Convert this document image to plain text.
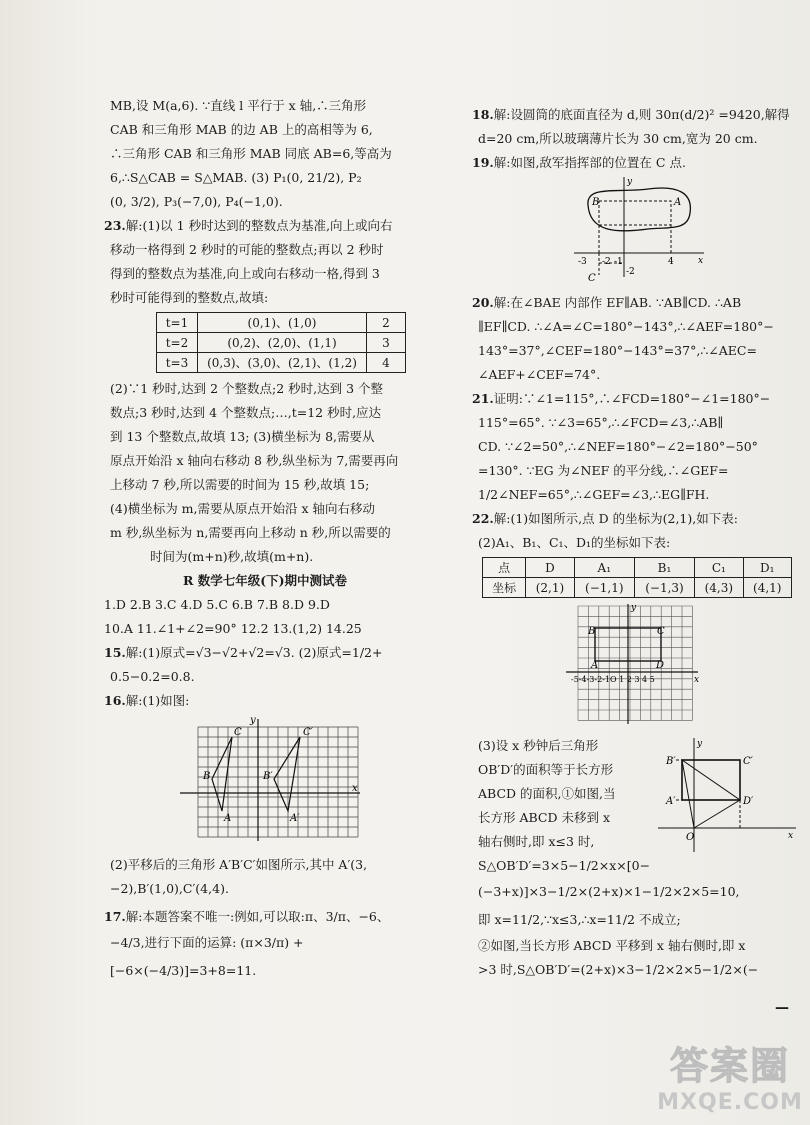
MB,设 M(a,6). ∵直线 l 平行于 x 轴,∴三角形
CAB 和三角形 MAB 的边 AB 上的高相等为 6,
∴三角形 CAB 和三角形 MAB 同底 AB=6,等高为
6,∴S△CAB = S△MAB. (3) P₁(0, 21/2), P₂
(0, 3/2), P₃(−7,0), P₄(−1,0).
23.解:(1)以 1 秒时达到的整数点为基准,向上或向右
移动一格得到 2 秒时的可能的整数点;再以 2 秒时
得到的整数点为基准,向上或向右移动一格,得到 3
秒时可能得到的整数点,故填:
t=1	(0,1)、(1,0)	2
t=2	(0,2)、(2,0)、(1,1)	3
t=3	(0,3)、(3,0)、(2,1)、(1,2)	4
(2)∵1 秒时,达到 2 个整数点;2 秒时,达到 3 个整
数点;3 秒时,达到 4 个整数点;…,t=12 秒时,应达
到 13 个整数点,故填 13; (3)横坐标为 8,需要从
原点开始沿 x 轴向右移动 8 秒,纵坐标为 7,需要再向
上移动 7 秒,所以需要的时间为 15 秒,故填 15;
(4)横坐标为 m,需要从原点开始沿 x 轴向右移动
m 秒,纵坐标为 n,需要再向上移动 n 秒,所以需要的
时间为(m+n)秒,故填(m+n).
R 数学七年级(下)期中测试卷
1.D 2.B 3.C 4.D 5.C 6.B 7.B 8.D 9.D
10.A 11.∠1+∠2=90° 12.2 13.(1,2) 14.25
15.解:(1)原式=√3−√2+√2=√3. (2)原式=1/2+
0.5−0.2=0.8.
16.解:(1)如图:
C	C′
B	B′
A	A′
x
y
(2)平移后的三角形 A′B′C′如图所示,其中 A′(3,
−2),B′(1,0),C′(4,4).
17.解:本题答案不唯一:例如,可以取:π、3/π、−6、
−4/3,进行下面的运算: (π×3/π) +
[−6×(−4/3)]=3+8=11.
18.解:设圆筒的底面直径为 d,则 30π(d/2)² =9420,解得
d=20 cm,所以玻璃薄片长为 30 cm,宽为 20 cm.
19.解:如图,敌军指挥部的位置在 C 点.
B	A
C
x
y
4
-3	-1
-2
-2
20.解:在∠BAE 内部作 EF∥AB. ∵AB∥CD. ∴AB
∥EF∥CD. ∴∠A=∠C=180°−143°,∴∠AEF=180°−
143°=37°,∠CEF=180°−143°=37°,∴∠AEC=
∠AEF+∠CEF=74°.
21.证明:∵∠1=115°,∴∠FCD=180°−∠1=180°−
115°=65°. ∵∠3=65°,∴∠FCD=∠3,∴AB∥
CD. ∵∠2=50°,∴∠NEF=180°−∠2=180°−50°
=130°. ∵EG 为∠NEF 的平分线,∴∠GEF=
1/2∠NEF=65°,∴∠GEF=∠3,∴EG∥FH.
22.解:(1)如图所示,点 D 的坐标为(2,1),如下表:
(2)A₁、B₁、C₁、D₁的坐标如下表:
点	D	A₁	B₁	C₁	D₁
坐标	(2,1)	(−1,1)	(−1,3)	(4,3)	(4,1)
B	C
A	D
x
y
-5-4-3-2-1O 1 2 3 4 5
(3)设 x 秒钟后三角形
OB′D′的面积等于长方形
ABCD 的面积,①如图,当
长方形 ABCD 未移到 x
轴右侧时,即 x≤3 时,
B′	C′
A′	D′
O	x
y
S△OB′D′=3×5−1/2×x×[0−
(−3+x)]×3−1/2×(2+x)×1−1/2×2×5=10,
即 x=11/2,∵x≤3,∴x=11/2 不成立;
②如图,当长方形 ABCD 平移到 x 轴右侧时,即 x
>3 时,S△OB′D′=(2+x)×3−1/2×2×5−1/2×(−
—
答案圈
MXQE.COM
